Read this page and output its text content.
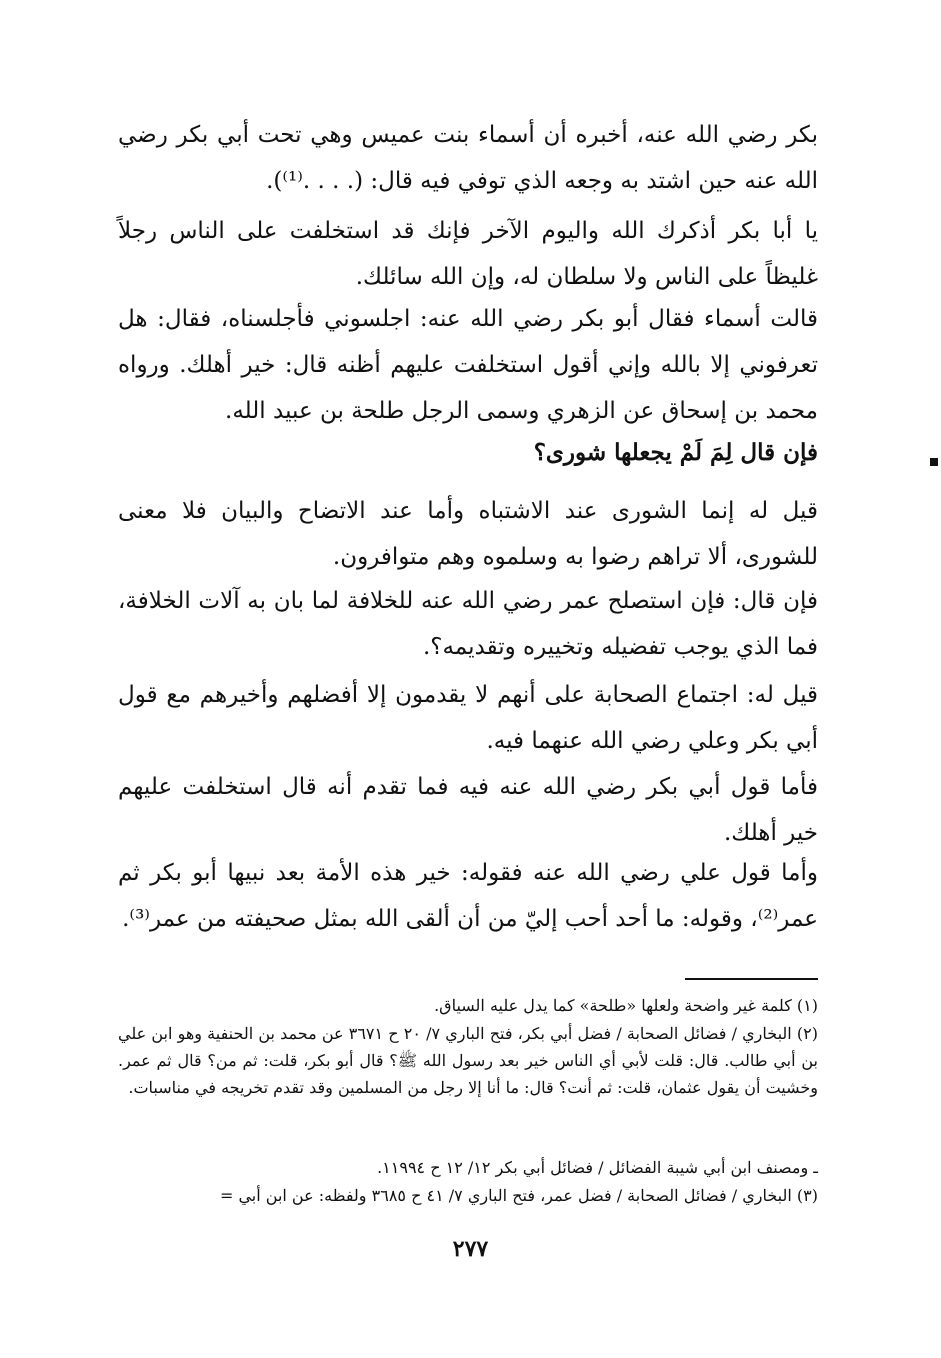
بكر رضي الله عنه، أخبره أن أسماء بنت عميس وهي تحت أبي بكر رضي الله عنه حين اشتد به وجعه الذي توفي فيه قال: (. . . .⁽¹⁾).

يا أبا بكر أذكرك الله واليوم الآخر فإنك قد استخلفت على الناس رجلاً غليظاً على الناس ولا سلطان له، وإن الله سائلك.

قالت أسماء فقال أبو بكر رضي الله عنه: اجلسوني فأجلسناه، فقال: هل تعرفوني إلا بالله وإني أقول استخلفت عليهم أظنه قال: خير أهلك. ورواه محمد بن إسحاق عن الزهري وسمى الرجل طلحة بن عبيد الله.

فإن قال لِمَ لَمْ يجعلها شورى؟

قيل له إنما الشورى عند الاشتباه وأما عند الاتضاح والبيان فلا معنى للشورى، ألا تراهم رضوا به وسلموه وهم متوافرون.

فإن قال: فإن استصلح عمر رضي الله عنه للخلافة لما بان به آلات الخلافة، فما الذي يوجب تفضيله وتخييره وتقديمه؟.

قيل له: اجتماع الصحابة على أنهم لا يقدمون إلا أفضلهم وأخيرهم مع قول أبي بكر وعلي رضي الله عنهما فيه.

فأما قول أبي بكر رضي الله عنه فيه فما تقدم أنه قال استخلفت عليهم خير أهلك.

وأما قول علي رضي الله عنه فقوله: خير هذه الأمة بعد نبيها أبو بكر ثم عمر⁽²⁾، وقوله: ما أحد أحب إليّ من أن ألقى الله بمثل صحيفته من عمر⁽³⁾.

(١) كلمة غير واضحة ولعلها «طلحة» كما يدل عليه السياق.

(٢) البخاري / فضائل الصحابة / فضل أبي بكر، فتح الباري ٧/ ٢٠ ح ٣٦٧١ عن محمد بن الحنفية وهو ابن علي بن أبي طالب. قال: قلت لأبي أي الناس خير بعد رسول الله ﷺ؟ قال أبو بكر، قلت: ثم من؟ قال ثم عمر. وخشيت أن يقول عثمان، قلت: ثم أنت؟ قال: ما أنا إلا رجل من المسلمين وقد تقدم تخريجه في مناسبات.

ـ ومصنف ابن أبي شيبة الفضائل / فضائل أبي بكر ١٢/ ١٢ ح ١١٩٩٤.

(٣) البخاري / فضائل الصحابة / فضل عمر، فتح الباري ٧/ ٤١ ح ٣٦٨٥ ولفظه: عن ابن أبي =

٢٧٧
